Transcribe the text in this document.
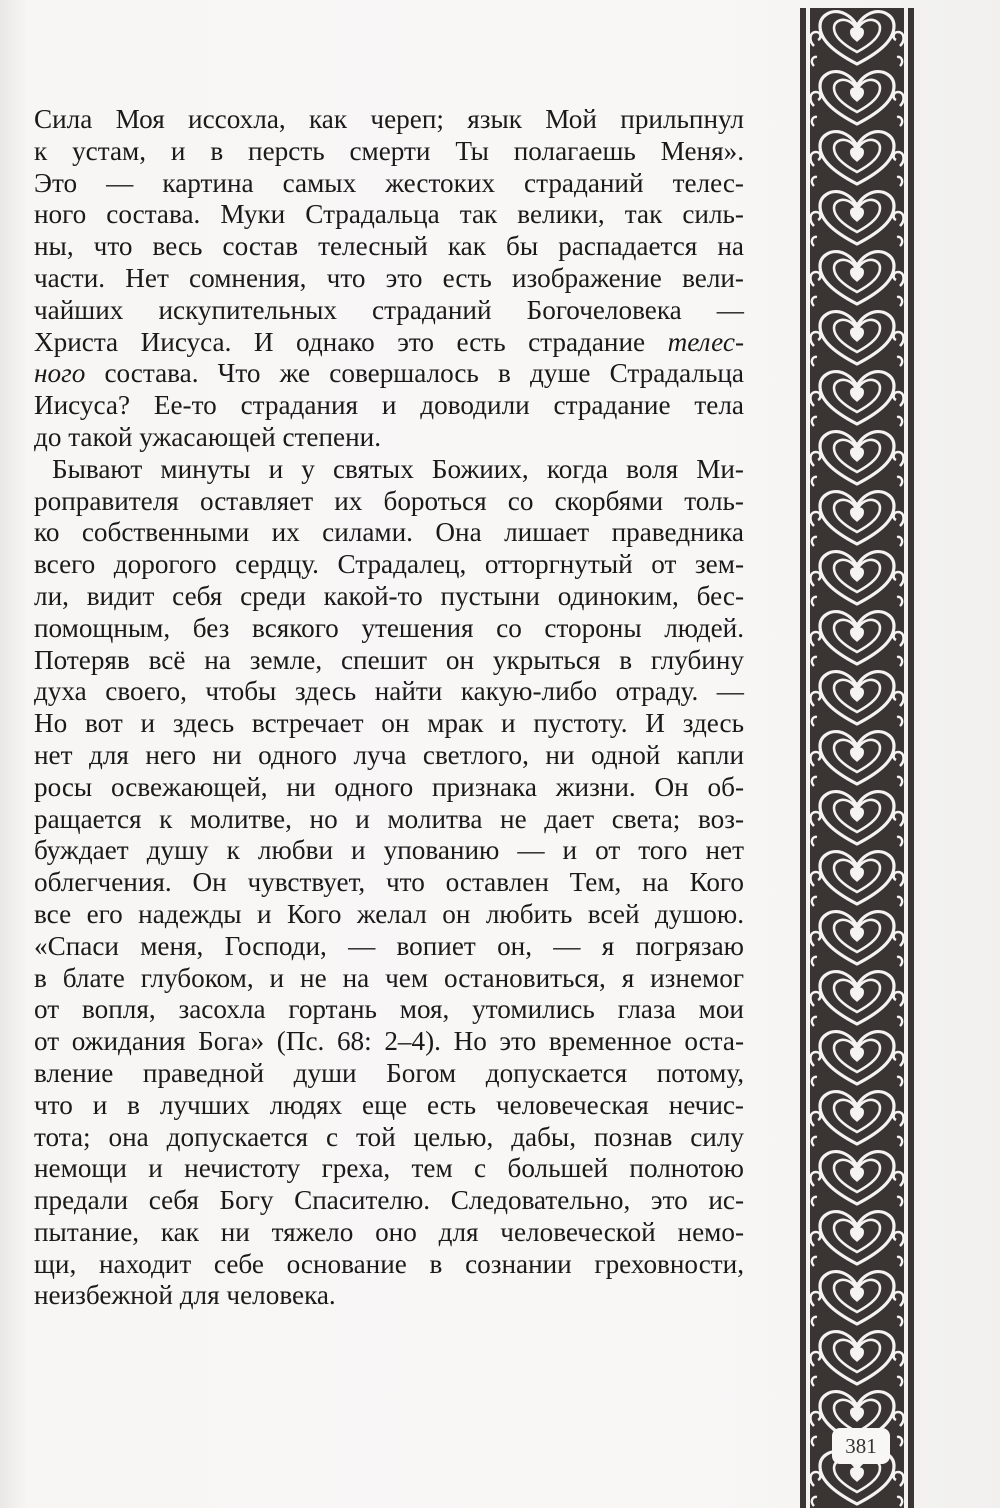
Сила Моя иссохла, как череп; язык Мой прильпнул
к устам, и в персть смерти Ты полагаешь Меня».
Это — картина самых жестоких страданий телес-
ного состава. Муки Страдальца так велики, так силь-
ны, что весь состав телесный как бы распадается на
части. Нет сомнения, что это есть изображение вели-
чайших искупительных страданий Богочеловека —
Христа Иисуса. И однако это есть страдание телес-
ного состава. Что же совершалось в душе Страдальца
Иисуса? Ее-то страдания и доводили страдание тела
до такой ужасающей степени.
Бывают минуты и у святых Божиих, когда воля Ми-
роправителя оставляет их бороться со скорбями толь-
ко собственными их силами. Она лишает праведника
всего дорогого сердцу. Страдалец, отторгнутый от зем-
ли, видит себя среди какой-то пустыни одиноким, бес-
помощным, без всякого утешения со стороны людей.
Потеряв всё на земле, спешит он укрыться в глубину
духа своего, чтобы здесь найти какую-либо отраду. —
Но вот и здесь встречает он мрак и пустоту. И здесь
нет для него ни одного луча светлого, ни одной капли
росы освежающей, ни одного признака жизни. Он об-
ращается к молитве, но и молитва не дает света; воз-
буждает душу к любви и упованию — и от того нет
облегчения. Он чувствует, что оставлен Тем, на Кого
все его надежды и Кого желал он любить всей душою.
«Спаси меня, Господи, — вопиет он, — я погрязаю
в блате глубоком, и не на чем остановиться, я изнемог
от вопля, засохла гортань моя, утомились глаза мои
от ожидания Бога» (Пс. 68: 2–4). Но это временное оста-
вление праведной души Богом допускается потому,
что и в лучших людях еще есть человеческая нечис-
тота; она допускается с той целью, дабы, познав силу
немощи и нечистоту греха, тем с большей полнотою
предали себя Богу Спасителю. Следовательно, это ис-
пытание, как ни тяжело оно для человеческой немо-
щи, находит себе основание в сознании греховности,
неизбежной для человека.
381
